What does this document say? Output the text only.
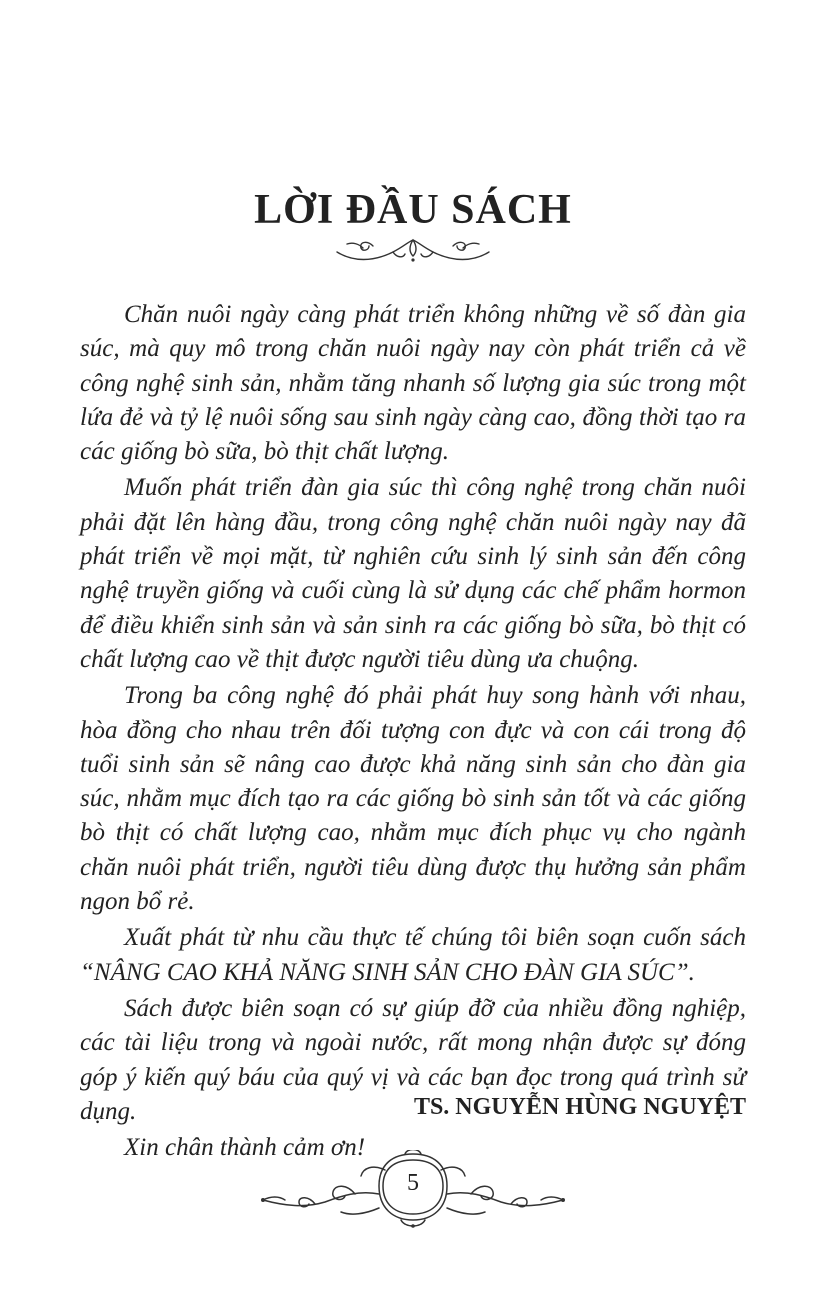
LỜI ĐẦU SÁCH

Chăn nuôi ngày càng phát triển không những về số đàn gia súc, mà quy mô trong chăn nuôi ngày nay còn phát triển cả về công nghệ sinh sản, nhằm tăng nhanh số lượng gia súc trong một lứa đẻ và tỷ lệ nuôi sống sau sinh ngày càng cao, đồng thời tạo ra các giống bò sữa, bò thịt chất lượng.

Muốn phát triển đàn gia súc thì công nghệ trong chăn nuôi phải đặt lên hàng đầu, trong công nghệ chăn nuôi ngày nay đã phát triển về mọi mặt, từ nghiên cứu sinh lý sinh sản đến công nghệ truyền giống và cuối cùng là sử dụng các chế phẩm hormon để điều khiển sinh sản và sản sinh ra các giống bò sữa, bò thịt có chất lượng cao về thịt được người tiêu dùng ưa chuộng.

Trong ba công nghệ đó phải phát huy song hành với nhau, hòa đồng cho nhau trên đối tượng con đực và con cái trong độ tuổi sinh sản sẽ nâng cao được khả năng sinh sản cho đàn gia súc, nhằm mục đích tạo ra các giống bò sinh sản tốt và các giống bò thịt có chất lượng cao, nhằm mục đích phục vụ cho ngành chăn nuôi phát triển, người tiêu dùng được thụ hưởng sản phẩm ngon bổ rẻ.

Xuất phát từ nhu cầu thực tế chúng tôi biên soạn cuốn sách “NÂNG CAO KHẢ NĂNG SINH SẢN CHO ĐÀN GIA SÚC”.

Sách được biên soạn có sự giúp đỡ của nhiều đồng nghiệp, các tài liệu trong và ngoài nước, rất mong nhận được sự đóng góp ý kiến quý báu của quý vị và các bạn đọc trong quá trình sử dụng.

Xin chân thành cảm ơn!

TS. NGUYỄN HÙNG NGUYỆT
5
